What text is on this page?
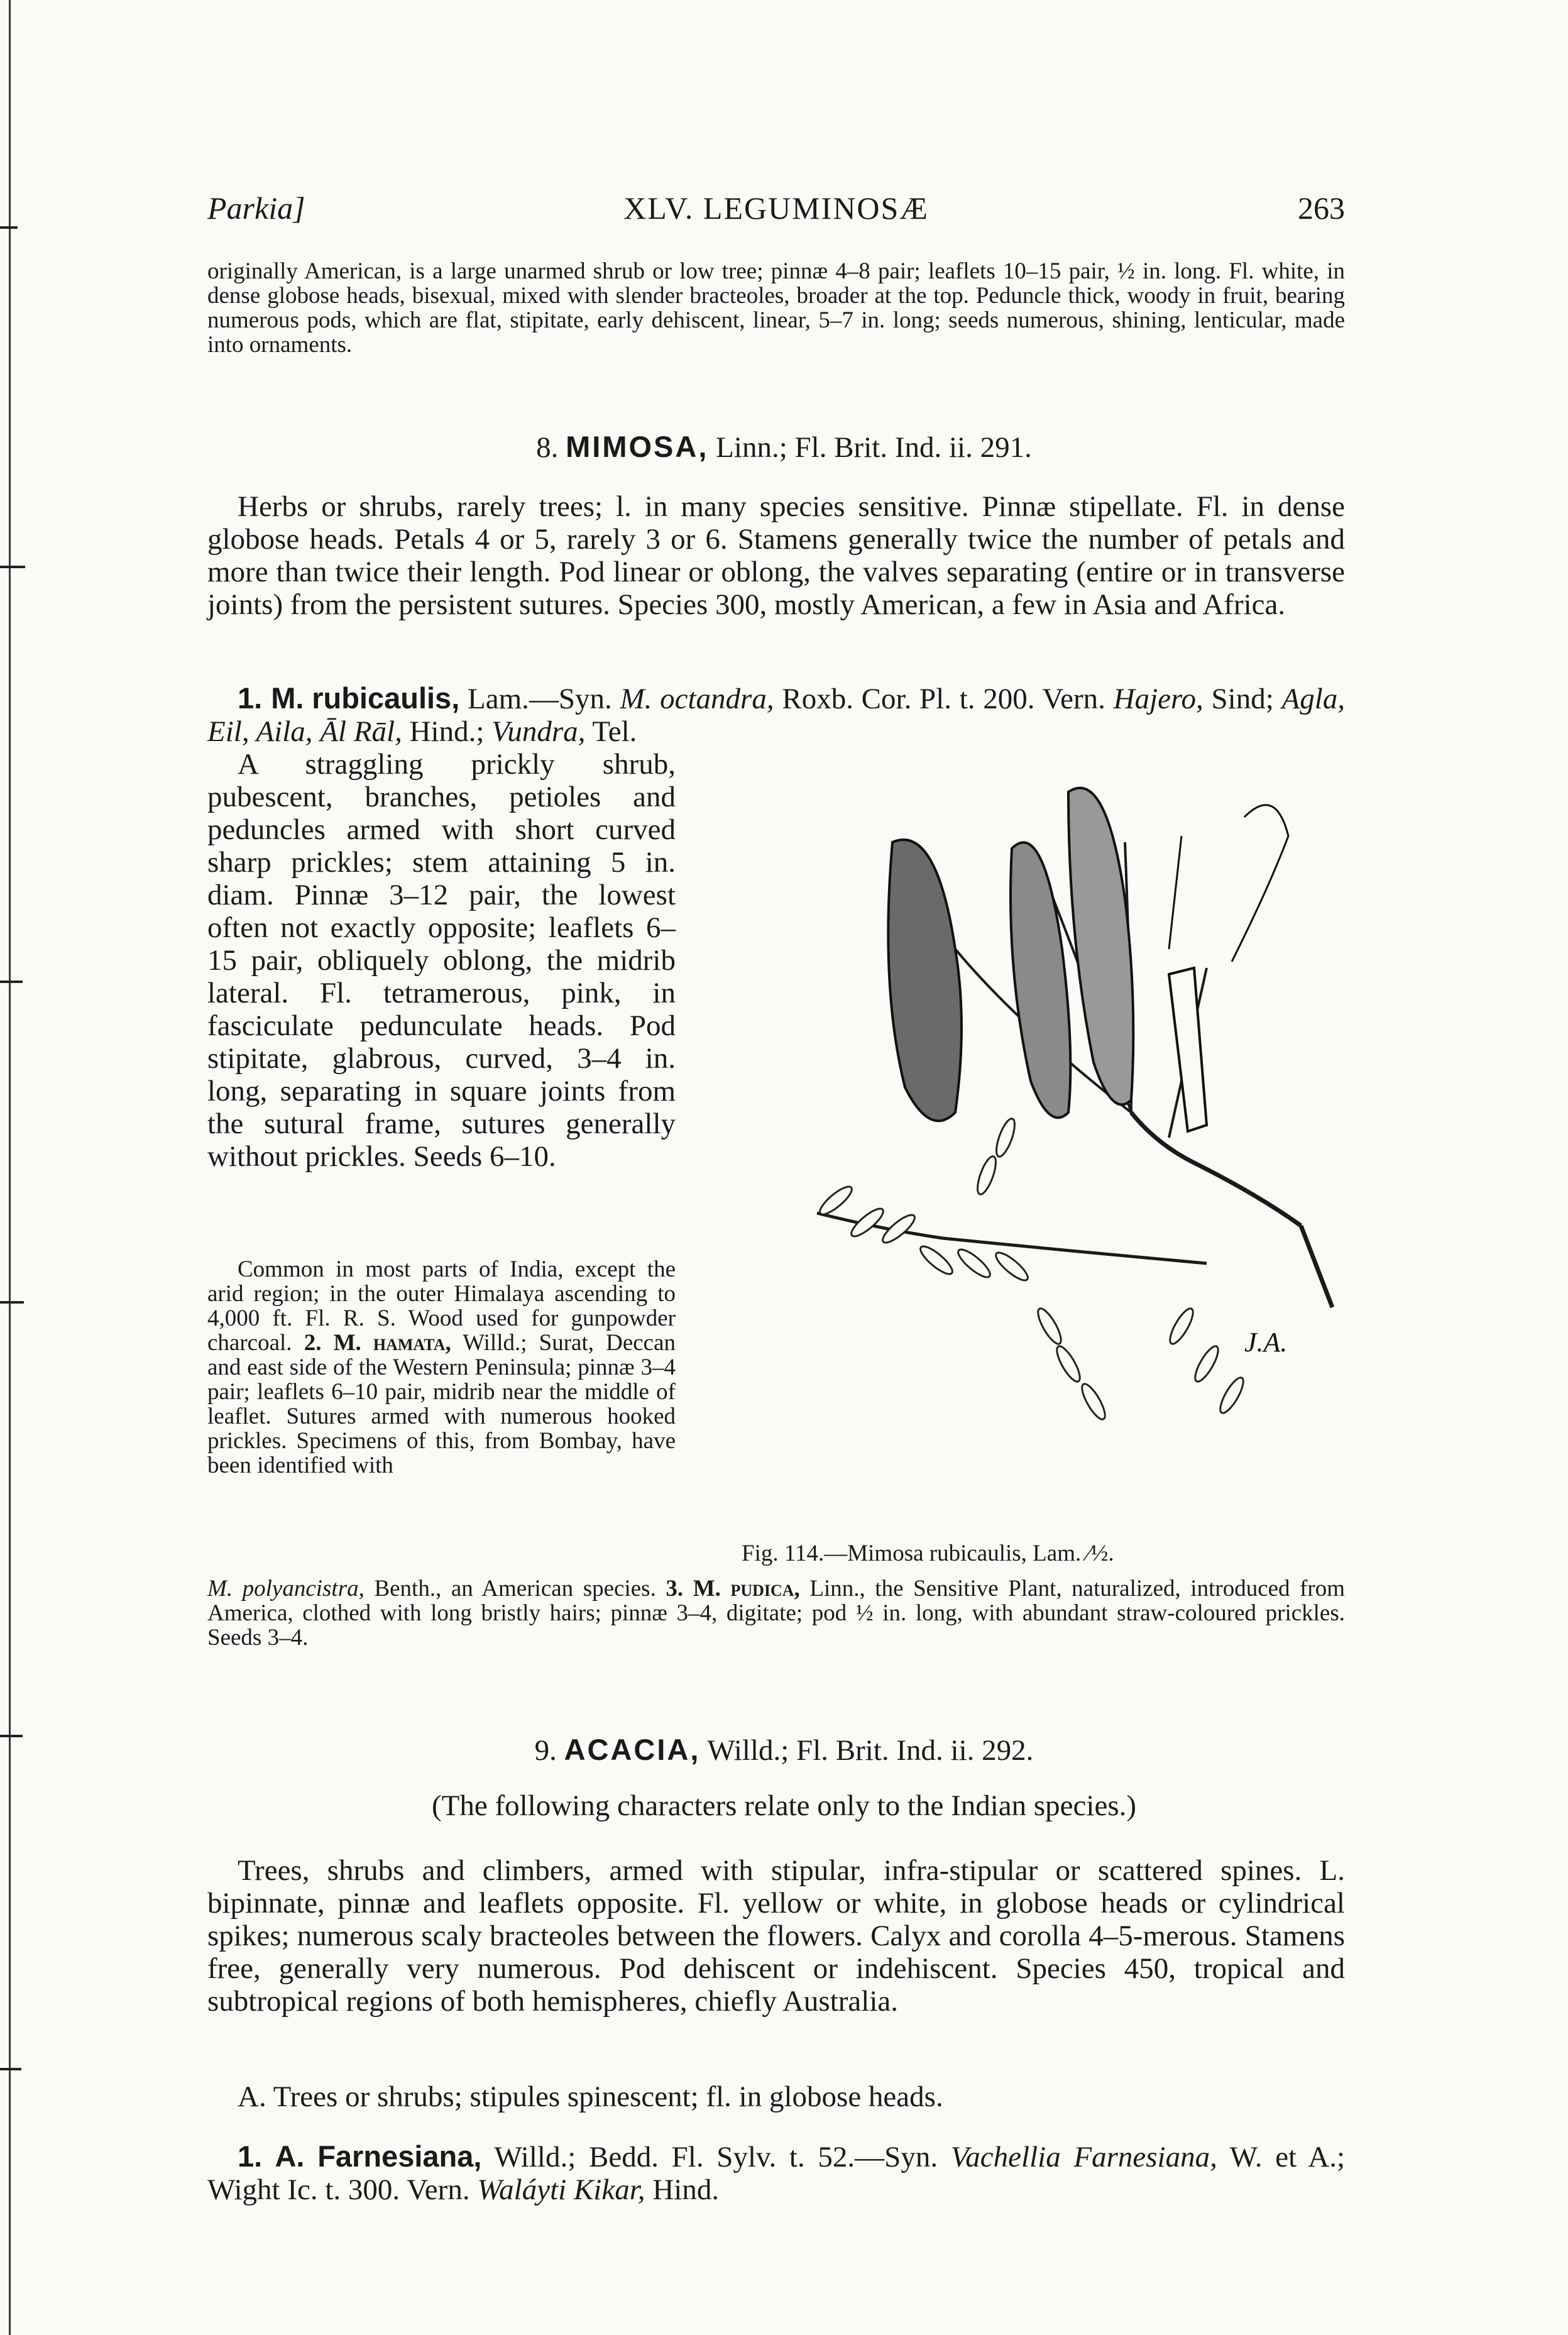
Parkia]	XLV. LEGUMINOSÆ	263

originally American, is a large unarmed shrub or low tree; pinnæ 4–8 pair; leaflets 10–15 pair, ½ in. long. Fl. white, in dense globose heads, bisexual, mixed with slender bracteoles, broader at the top. Peduncle thick, woody in fruit, bearing numerous pods, which are flat, stipitate, early dehiscent, linear, 5–7 in. long; seeds numerous, shining, lenticular, made into ornaments.

8. MIMOSA, Linn.; Fl. Brit. Ind. ii. 291.

Herbs or shrubs, rarely trees; l. in many species sensitive. Pinnæ stipellate. Fl. in dense globose heads. Petals 4 or 5, rarely 3 or 6. Stamens generally twice the number of petals and more than twice their length. Pod linear or oblong, the valves separating (entire or in transverse joints) from the persistent sutures. Species 300, mostly American, a few in Asia and Africa.

1. M. rubicaulis, Lam.—Syn. M. octandra, Roxb. Cor. Pl. t. 200. Vern. Hajero, Sind; Agla, Eil, Aila, Āl Rāl, Hind.; Vundra, Tel.

A straggling prickly shrub, pubescent, branches, petioles and peduncles armed with short curved sharp prickles; stem attaining 5 in. diam. Pinnæ 3–12 pair, the lowest often not exactly opposite; leaflets 6–15 pair, obliquely oblong, the midrib lateral. Fl. tetramerous, pink, in fasciculate pedunculate heads. Pod stipitate, glabrous, curved, 3–4 in. long, separating in square joints from the sutural frame, sutures generally without prickles. Seeds 6–10.

Common in most parts of India, except the arid region; in the outer Himalaya ascending to 4,000 ft. Fl. R. S. Wood used for gunpowder charcoal. 2. M. hamata, Willd.; Surat, Deccan and east side of the Western Peninsula; pinnæ 3–4 pair; leaflets 6–10 pair, midrib near the middle of leaflet. Sutures armed with numerous hooked prickles. Specimens of this, from Bombay, have been identified with
M. polyancistra, Benth., an American species. 3. M. pudica, Linn., the Sensitive Plant, naturalized, introduced from America, clothed with long bristly hairs; pinnæ 3–4, digitate; pod ½ in. long, with abundant straw-coloured prickles. Seeds 3–4.
J.A.
Fig. 114.—Mimosa rubicaulis, Lam. ⁄½.
9. ACACIA, Willd.; Fl. Brit. Ind. ii. 292.
(The following characters relate only to the Indian species.)

Trees, shrubs and climbers, armed with stipular, infra-stipular or scattered spines. L. bipinnate, pinnæ and leaflets opposite. Fl. yellow or white, in globose heads or cylindrical spikes; numerous scaly bracteoles between the flowers. Calyx and corolla 4–5-merous. Stamens free, generally very numerous. Pod dehiscent or indehiscent. Species 450, tropical and subtropical regions of both hemispheres, chiefly Australia.

A. Trees or shrubs; stipules spinescent; fl. in globose heads.

1. A. Farnesiana, Willd.; Bedd. Fl. Sylv. t. 52.—Syn. Vachellia Farnesiana, W. et A.; Wight Ic. t. 300. Vern. Waláyti Kikar, Hind.
